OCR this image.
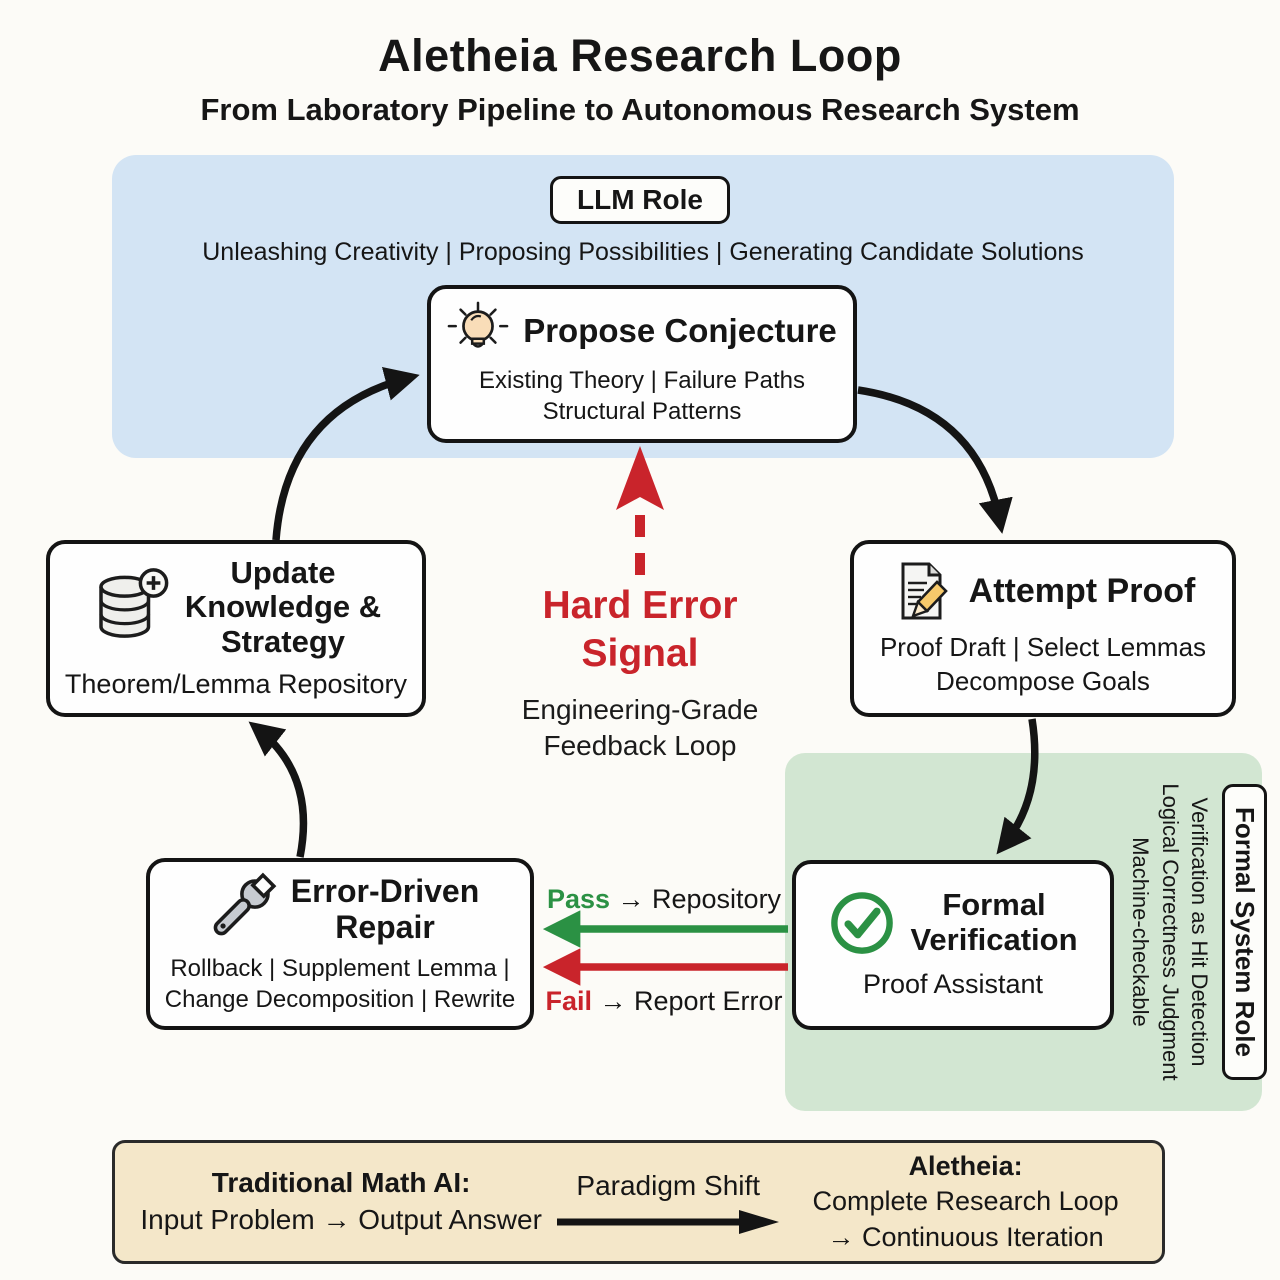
Aletheia Research Loop
From Laboratory Pipeline to Autonomous Research System
LLM Role
Unleashing Creativity | Proposing Possibilities | Generating Candidate Solutions
Formal System Role
Verification as Hit Detection
Logical Correctness Judgment
Machine-checkable
Propose Conjecture
Existing Theory | Failure Paths
Structural Patterns
Attempt Proof
Proof Draft | Select Lemmas
Decompose Goals
Update
Knowledge &
Strategy
Theorem/Lemma Repository
Formal
Verification
Proof Assistant
Error-Driven
Repair
Rollback | Supplement Lemma |
Change Decomposition | Rewrite
Hard Error
Signal
Engineering-Grade
Feedback Loop
Pass → Repository
Fail → Report Error
Traditional Math AI:
Input Problem → Output Answer
Paradigm Shift
Aletheia:
Complete Research Loop
→ Continuous Iteration
